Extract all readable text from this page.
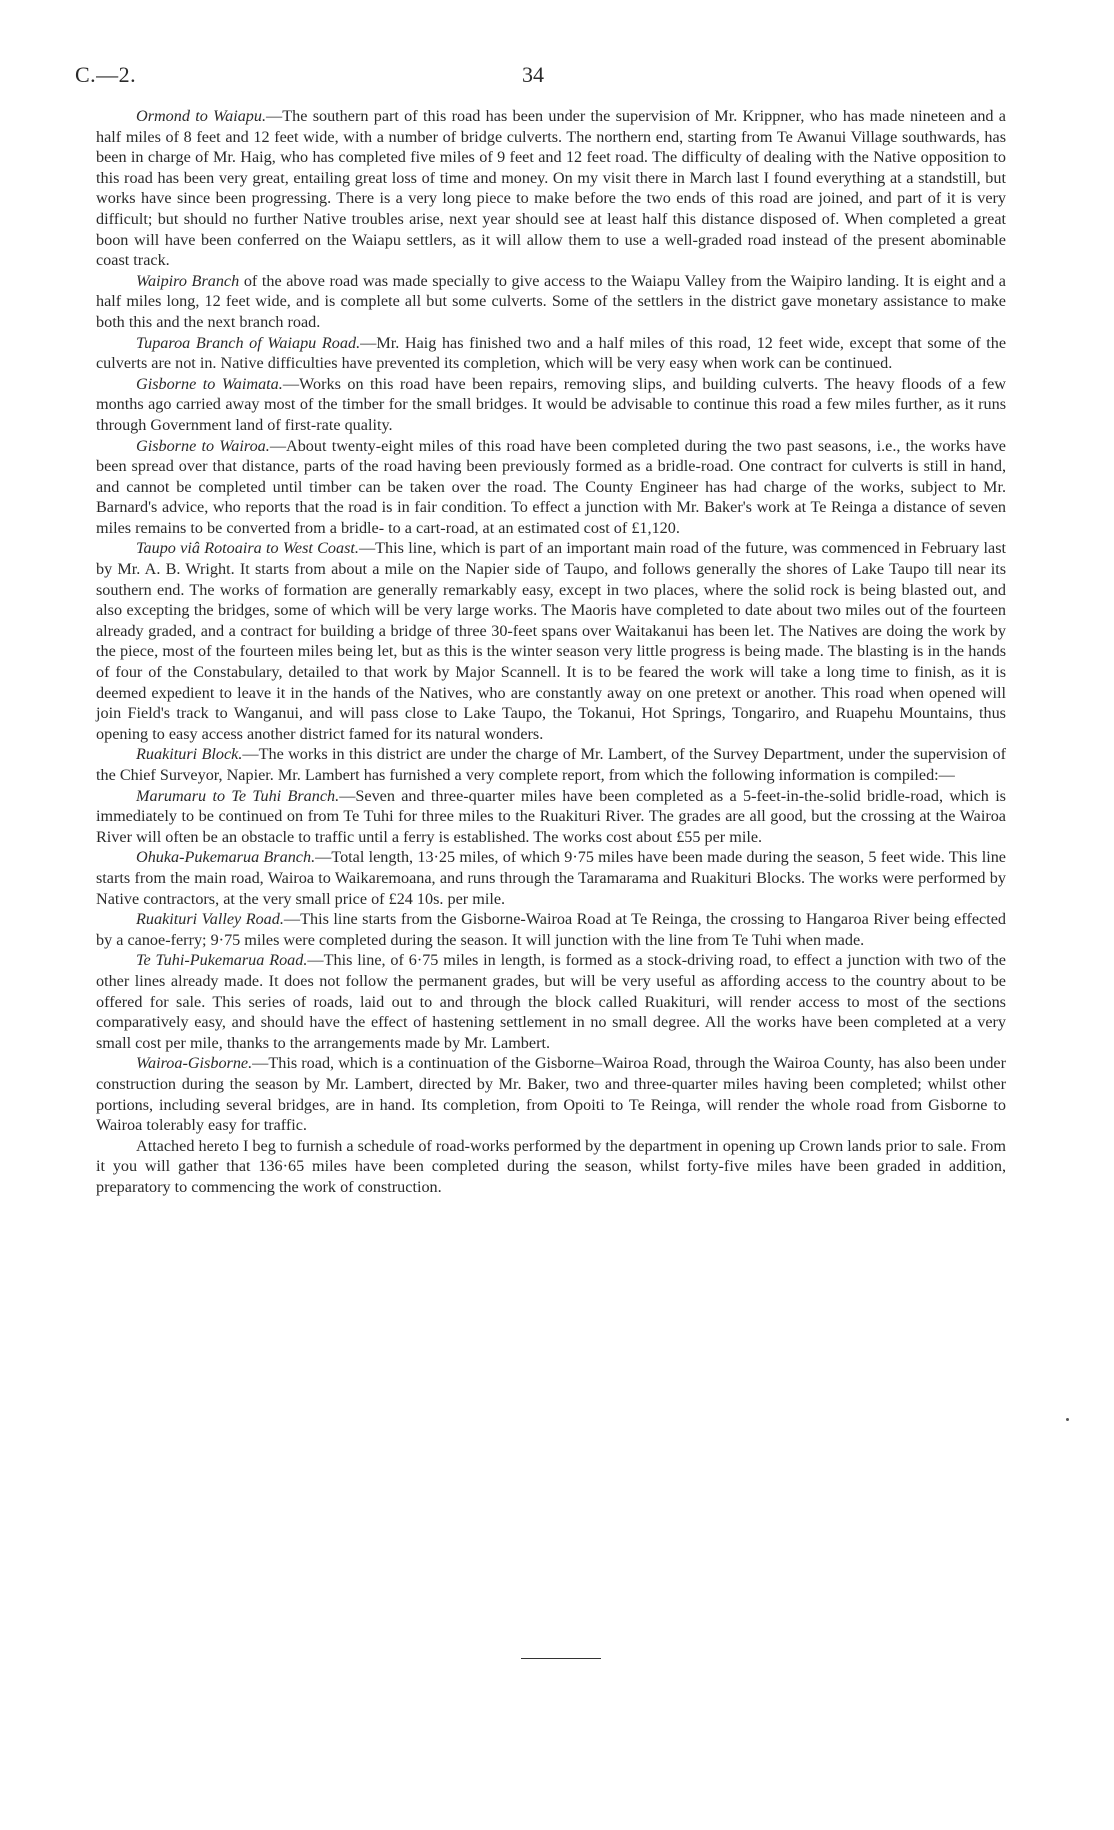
C.—2.	34

Ormond to Waiapu.—The southern part of this road has been under the supervision of Mr. Krippner, who has made nineteen and a half miles of 8 feet and 12 feet wide, with a number of bridge culverts. The northern end, starting from Te Awanui Village southwards, has been in charge of Mr. Haig, who has completed five miles of 9 feet and 12 feet road. The difficulty of dealing with the Native opposition to this road has been very great, entailing great loss of time and money. On my visit there in March last I found everything at a standstill, but works have since been progressing. There is a very long piece to make before the two ends of this road are joined, and part of it is very difficult; but should no further Native troubles arise, next year should see at least half this distance disposed of. When completed a great boon will have been conferred on the Waiapu settlers, as it will allow them to use a well-graded road instead of the present abominable coast track.

Waipiro Branch of the above road was made specially to give access to the Waiapu Valley from the Waipiro landing. It is eight and a half miles long, 12 feet wide, and is complete all but some culverts. Some of the settlers in the district gave monetary assistance to make both this and the next branch road.

Tuparoa Branch of Waiapu Road.—Mr. Haig has finished two and a half miles of this road, 12 feet wide, except that some of the culverts are not in. Native difficulties have prevented its completion, which will be very easy when work can be continued.

Gisborne to Waimata.—Works on this road have been repairs, removing slips, and building culverts. The heavy floods of a few months ago carried away most of the timber for the small bridges. It would be advisable to continue this road a few miles further, as it runs through Government land of first-rate quality.

Gisborne to Wairoa.—About twenty-eight miles of this road have been completed during the two past seasons, i.e., the works have been spread over that distance, parts of the road having been previously formed as a bridle-road. One contract for culverts is still in hand, and cannot be completed until timber can be taken over the road. The County Engineer has had charge of the works, subject to Mr. Barnard's advice, who reports that the road is in fair condition. To effect a junction with Mr. Baker's work at Te Reinga a distance of seven miles remains to be converted from a bridle- to a cart-road, at an estimated cost of £1,120.

Taupo viâ Rotoaira to West Coast.—This line, which is part of an important main road of the future, was commenced in February last by Mr. A. B. Wright. It starts from about a mile on the Napier side of Taupo, and follows generally the shores of Lake Taupo till near its southern end. The works of formation are generally remarkably easy, except in two places, where the solid rock is being blasted out, and also excepting the bridges, some of which will be very large works. The Maoris have completed to date about two miles out of the fourteen already graded, and a contract for building a bridge of three 30-feet spans over Waitakanui has been let. The Natives are doing the work by the piece, most of the fourteen miles being let, but as this is the winter season very little progress is being made. The blasting is in the hands of four of the Constabulary, detailed to that work by Major Scannell. It is to be feared the work will take a long time to finish, as it is deemed expedient to leave it in the hands of the Natives, who are constantly away on one pretext or another. This road when opened will join Field's track to Wanganui, and will pass close to Lake Taupo, the Tokanui, Hot Springs, Tongariro, and Ruapehu Mountains, thus opening to easy access another district famed for its natural wonders.

Ruakituri Block.—The works in this district are under the charge of Mr. Lambert, of the Survey Department, under the supervision of the Chief Surveyor, Napier. Mr. Lambert has furnished a very complete report, from which the following information is compiled:—

Marumaru to Te Tuhi Branch.—Seven and three-quarter miles have been completed as a 5-feet-in-the-solid bridle-road, which is immediately to be continued on from Te Tuhi for three miles to the Ruakituri River. The grades are all good, but the crossing at the Wairoa River will often be an obstacle to traffic until a ferry is established. The works cost about £55 per mile.

Ohuka-Pukemarua Branch.—Total length, 13·25 miles, of which 9·75 miles have been made during the season, 5 feet wide. This line starts from the main road, Wairoa to Waikaremoana, and runs through the Taramarama and Ruakituri Blocks. The works were performed by Native contractors, at the very small price of £24 10s. per mile.

Ruakituri Valley Road.—This line starts from the Gisborne-Wairoa Road at Te Reinga, the crossing to Hangaroa River being effected by a canoe-ferry; 9·75 miles were completed during the season. It will junction with the line from Te Tuhi when made.

Te Tuhi-Pukemarua Road.—This line, of 6·75 miles in length, is formed as a stock-driving road, to effect a junction with two of the other lines already made. It does not follow the permanent grades, but will be very useful as affording access to the country about to be offered for sale. This series of roads, laid out to and through the block called Ruakituri, will render access to most of the sections comparatively easy, and should have the effect of hastening settlement in no small degree. All the works have been completed at a very small cost per mile, thanks to the arrangements made by Mr. Lambert.

Wairoa-Gisborne.—This road, which is a continuation of the Gisborne–Wairoa Road, through the Wairoa County, has also been under construction during the season by Mr. Lambert, directed by Mr. Baker, two and three-quarter miles having been completed; whilst other portions, including several bridges, are in hand. Its completion, from Opoiti to Te Reinga, will render the whole road from Gisborne to Wairoa tolerably easy for traffic.

Attached hereto I beg to furnish a schedule of road-works performed by the department in opening up Crown lands prior to sale. From it you will gather that 136·65 miles have been completed during the season, whilst forty-five miles have been graded in addition, preparatory to commencing the work of construction.
